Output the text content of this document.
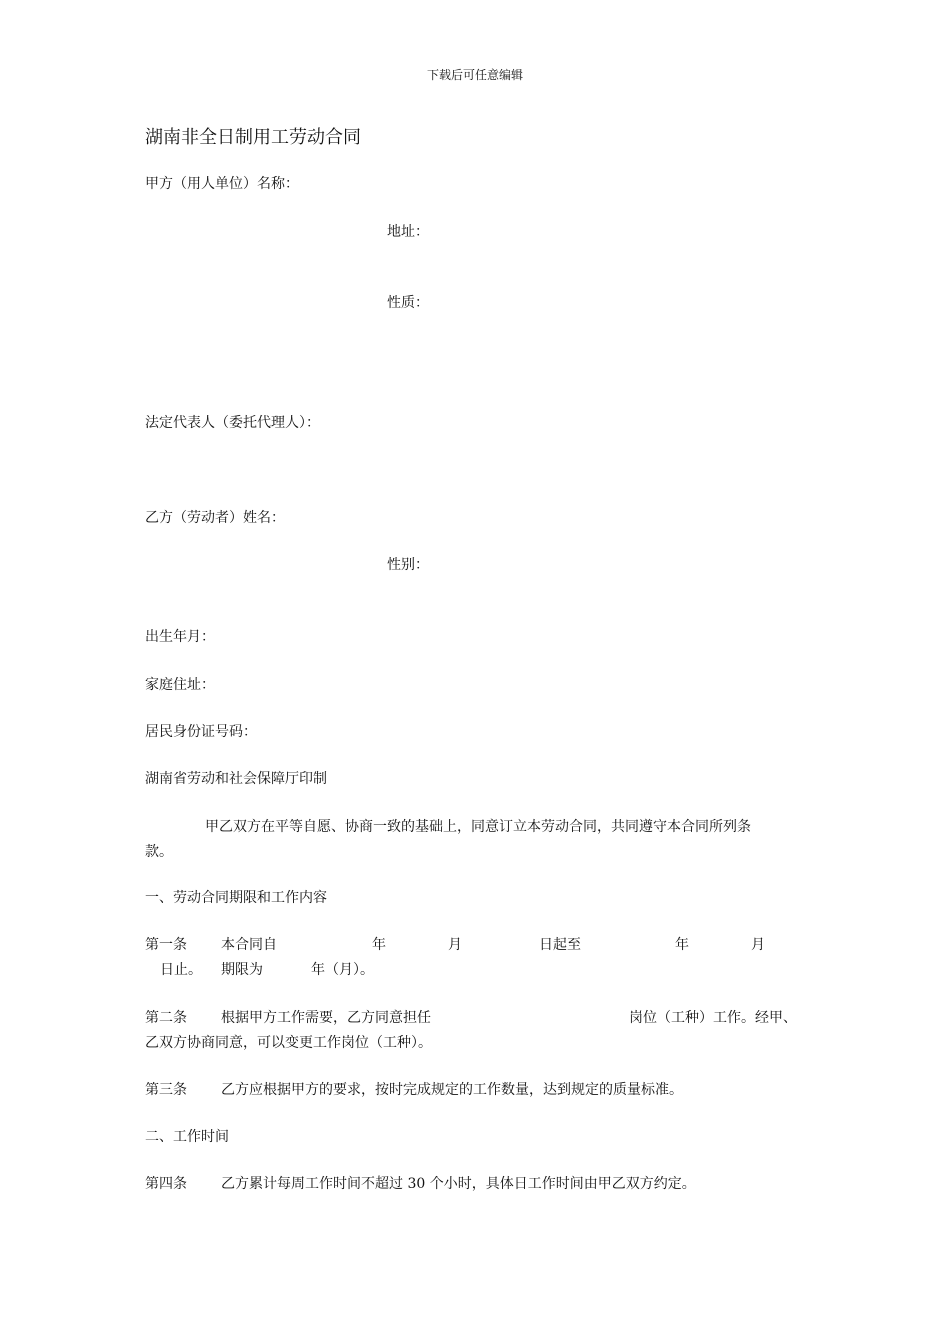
下载后可任意编辑
湖南非全日制用工劳动合同
甲方（用人单位）名称：
地址：
性质：
法定代表人（委托代理人）：
乙方（劳动者）姓名：
性别：
出生年月：
家庭住址：
居民身份证号码：
湖南省劳动和社会保障厅印制
甲乙双方在平等自愿、协商一致的基础上，同意订立本劳动合同，共同遵守本合同所列条
款。
一、劳动合同期限和工作内容
第一条 本合同自	年	月	日起至	年	月
日止。 期限为	年（月）。
第二条 根据甲方工作需要，乙方同意担任	岗位（工种）工作。经甲、
乙双方协商同意，可以变更工作岗位（工种）。
第三条 乙方应根据甲方的要求，按时完成规定的工作数量，达到规定的质量标准。
二、工作时间
第四条 乙方累计每周工作时间不超过 30 个小时，具体日工作时间由甲乙双方约定。
